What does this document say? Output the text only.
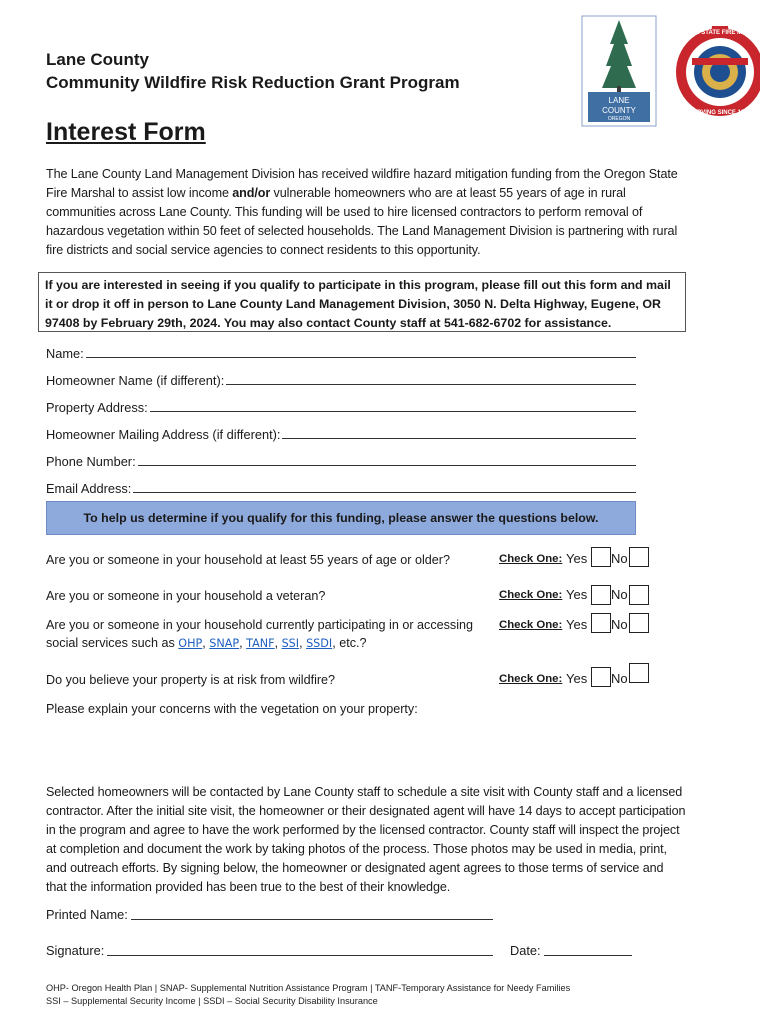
Lane County
Community Wildfire Risk Reduction Grant Program
LANE
COUNTY
OREGON
OREGON STATE FIRE MARSHAL
SERVING SINCE 1917
Interest Form
The Lane County Land Management Division has received wildfire hazard mitigation funding from the Oregon State Fire Marshal to assist low income and/or vulnerable homeowners who are at least 55 years of age in rural communities across Lane County. This funding will be used to hire licensed contractors to perform removal of hazardous vegetation within 50 feet of selected households. The Land Management Division is partnering with rural fire districts and social service agencies to connect residents to this opportunity.
If you are interested in seeing if you qualify to participate in this program, please fill out this form and mail it or drop it off in person to Lane County Land Management Division, 3050 N. Delta Highway, Eugene, OR 97408 by February 29th, 2024. You may also contact County staff at 541-682-6702 for assistance.
Name:
Homeowner Name (if different):
Property Address:
Homeowner Mailing Address (if different):
Phone Number:
Email Address:
To help us determine if you qualify for this funding, please answer the questions below.
Are you or someone in your household at least 55 years of age or older?	Check One: Yes No
Are you or someone in your household a veteran?	Check One: Yes No
Are you or someone in your household currently participating in or accessing social services such as OHP, SNAP, TANF, SSI, SSDI, etc.?
Check One: Yes No
Do you believe your property is at risk from wildfire?	Check One: Yes No
Please explain your concerns with the vegetation on your property:
Selected homeowners will be contacted by Lane County staff to schedule a site visit with County staff and a licensed contractor. After the initial site visit, the homeowner or their designated agent will have 14 days to accept participation in the program and agree to have the work performed by the licensed contractor. County staff will inspect the project at completion and document the work by taking photos of the process. Those photos may be used in media, print, and outreach efforts. By signing below, the homeowner or designated agent agrees to those terms of service and that the information provided has been true to the best of their knowledge.
Printed Name:
Signature:	Date:
OHP- Oregon Health Plan | SNAP- Supplemental Nutrition Assistance Program | TANF-Temporary Assistance for Needy Families
SSI – Supplemental Security Income | SSDI – Social Security Disability Insurance
